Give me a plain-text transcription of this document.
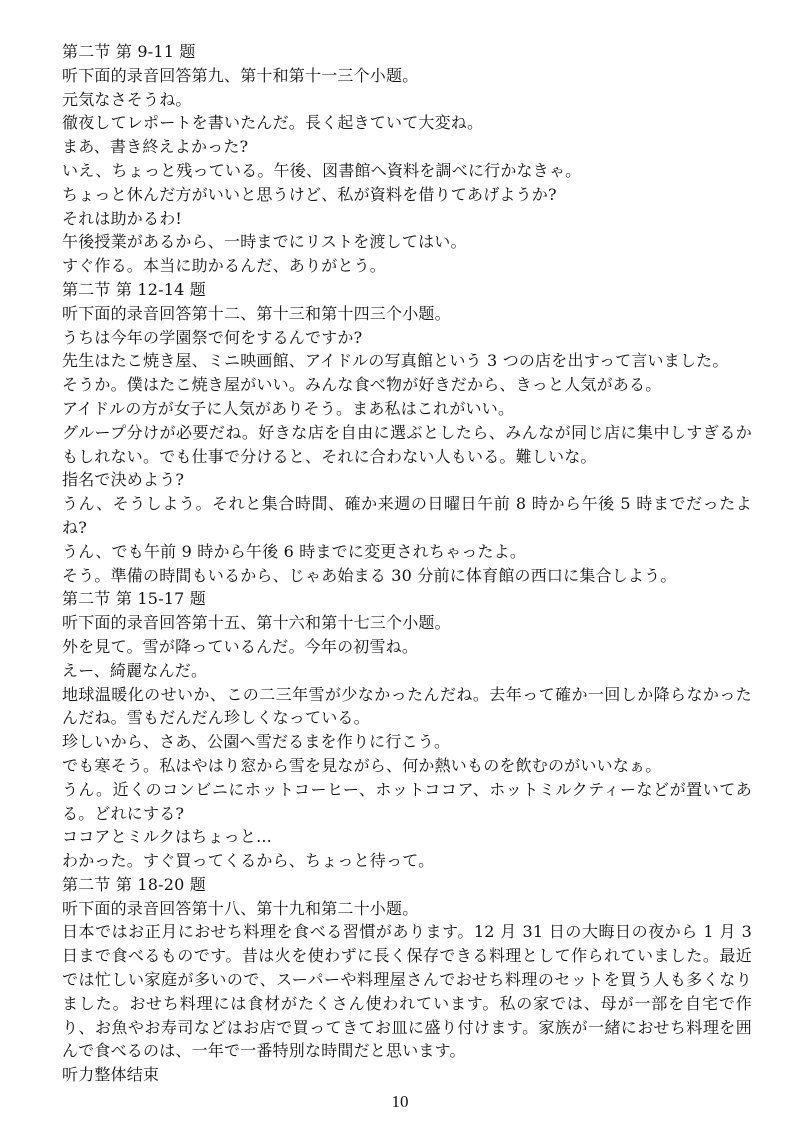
第二节 第 9-11 题
听下面的录音回答第九、第十和第十一三个小题。
元気なさそうね。
徹夜してレポートを書いたんだ。長く起きていて大変ね。
まあ、書き終えよかった?
いえ、ちょっと残っている。午後、図書館へ資料を調べに行かなきゃ。
ちょっと休んだ方がいいと思うけど、私が資料を借りてあげようか?
それは助かるわ!
午後授業があるから、一時までにリストを渡してはい。
すぐ作る。本当に助かるんだ、ありがとう。
第二节 第 12-14 题
听下面的录音回答第十二、第十三和第十四三个小题。
うちは今年の学園祭で何をするんですか?
先生はたこ焼き屋、ミニ映画館、アイドルの写真館という 3 つの店を出すって言いました。
そうか。僕はたこ焼き屋がいい。みんな食べ物が好きだから、きっと人気がある。
アイドルの方が女子に人気がありそう。まあ私はこれがいい。
グループ分けが必要だね。好きな店を自由に選ぶとしたら、みんなが同じ店に集中しすぎるかもしれない。でも仕事で分けると、それに合わない人もいる。難しいな。
指名で決めよう?
うん、そうしよう。それと集合時間、確か来週の日曜日午前 8 時から午後 5 時までだったよね?
うん、でも午前 9 時から午後 6 時までに変更されちゃったよ。
そう。準備の時間もいるから、じゃあ始まる 30 分前に体育館の西口に集合しよう。
第二节 第 15-17 题
听下面的录音回答第十五、第十六和第十七三个小题。
外を見て。雪が降っているんだ。今年の初雪ね。
えー、綺麗なんだ。
地球温暖化のせいか、この二三年雪が少なかったんだね。去年って確か一回しか降らなかったんだね。雪もだんだん珍しくなっている。
珍しいから、さあ、公園へ雪だるまを作りに行こう。
でも寒そう。私はやはり窓から雪を見ながら、何か熱いものを飲むのがいいなぁ。
うん。近くのコンビニにホットコーヒー、ホットココア、ホットミルクティーなどが置いてある。どれにする?
ココアとミルクはちょっと...
わかった。すぐ買ってくるから、ちょっと待って。
第二节 第 18-20 题
听下面的录音回答第十八、第十九和第二十小题。
日本ではお正月におせち料理を食べる習慣があります。12 月 31 日の大晦日の夜から 1 月 3 日まで食べるものです。昔は火を使わずに長く保存できる料理として作られていました。最近では忙しい家庭が多いので、スーパーや料理屋さんでおせち料理のセットを買う人も多くなりました。おせち料理には食材がたくさん使われています。私の家では、母が一部を自宅で作り、お魚やお寿司などはお店で買ってきてお皿に盛り付けます。家族が一緒におせち料理を囲んで食べるのは、一年で一番特別な時間だと思います。
听力整体结束
10
